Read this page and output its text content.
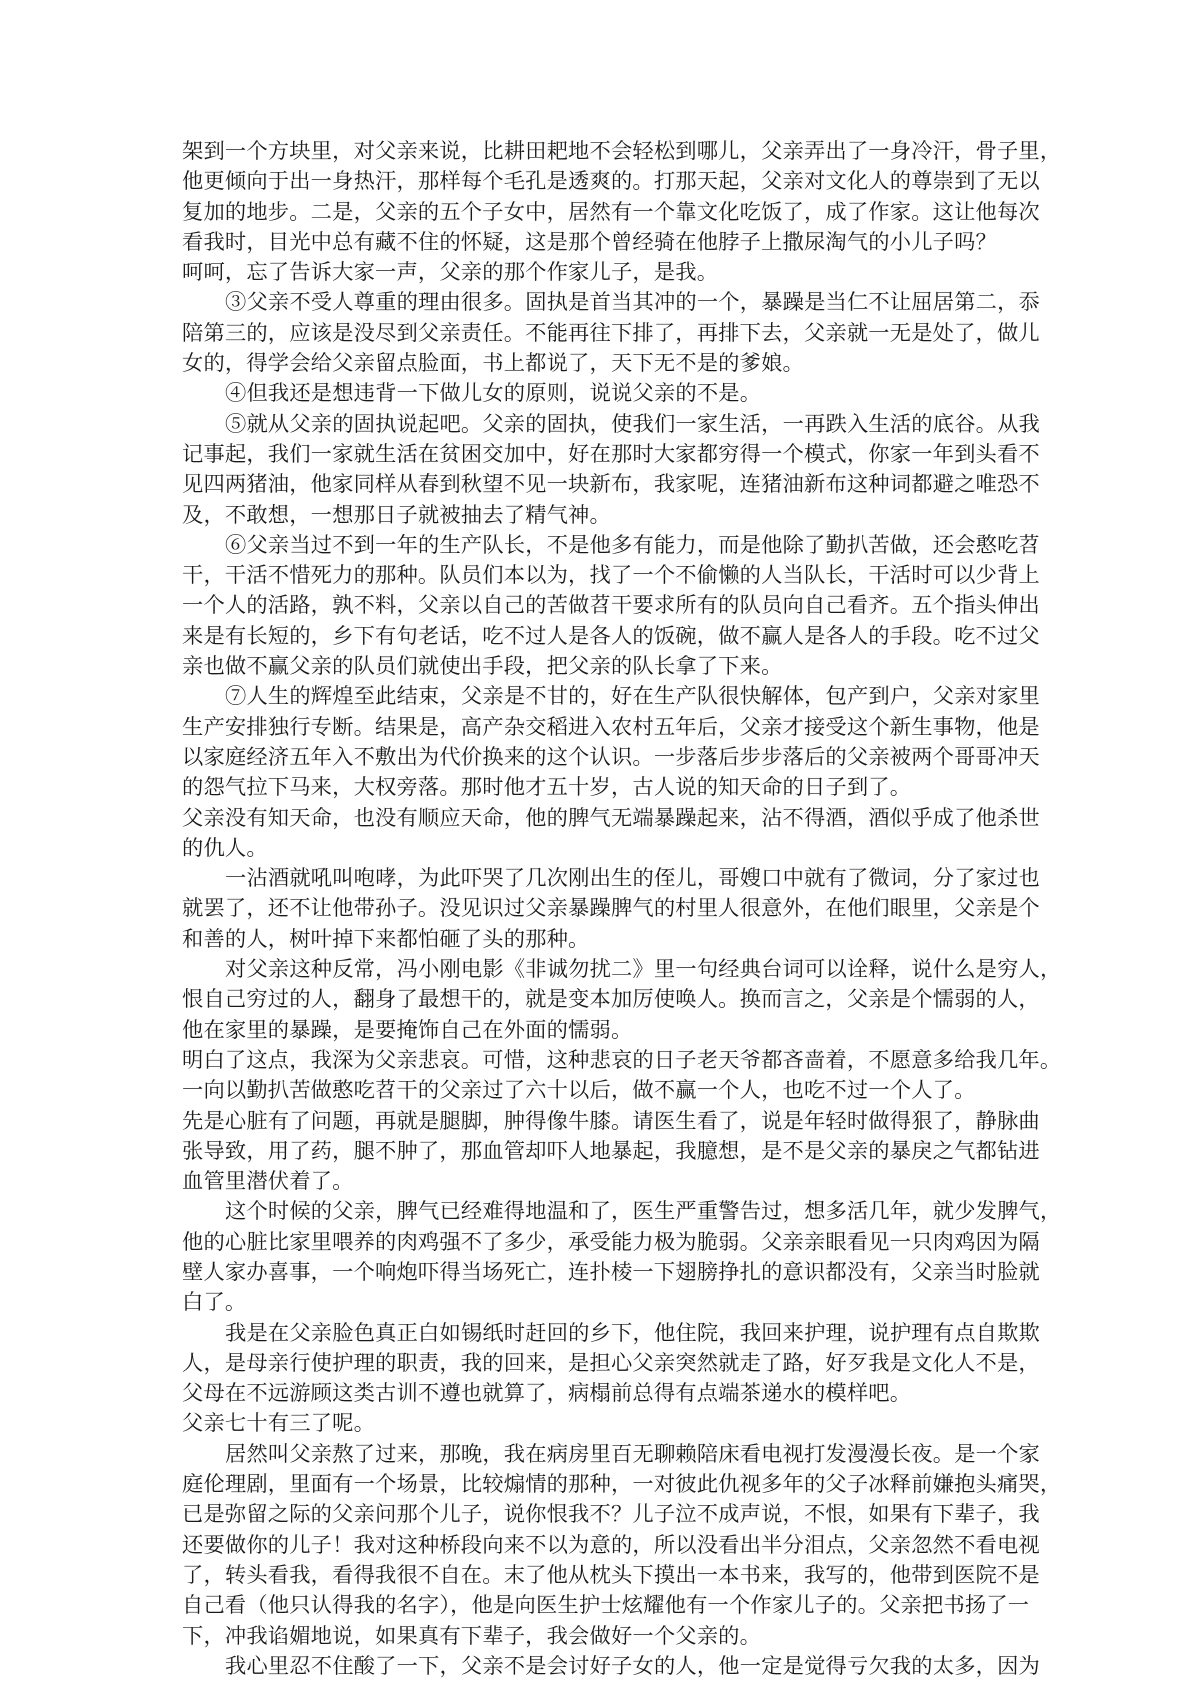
架到一个方块里，对父亲来说，比耕田耙地不会轻松到哪儿，父亲弄出了一身冷汗，骨子里，
他更倾向于出一身热汗，那样每个毛孔是透爽的。打那天起，父亲对文化人的尊崇到了无以
复加的地步。二是，父亲的五个子女中，居然有一个靠文化吃饭了，成了作家。这让他每次
看我时，目光中总有藏不住的怀疑，这是那个曾经骑在他脖子上撒尿淘气的小儿子吗？
呵呵，忘了告诉大家一声，父亲的那个作家儿子，是我。
③父亲不受人尊重的理由很多。固执是首当其冲的一个，暴躁是当仁不让屈居第二，忝
陪第三的，应该是没尽到父亲责任。不能再往下排了，再排下去，父亲就一无是处了，做儿
女的，得学会给父亲留点脸面，书上都说了，天下无不是的爹娘。
④但我还是想违背一下做儿女的原则，说说父亲的不是。
⑤就从父亲的固执说起吧。父亲的固执，使我们一家生活，一再跌入生活的底谷。从我
记事起，我们一家就生活在贫困交加中，好在那时大家都穷得一个模式，你家一年到头看不
见四两猪油，他家同样从春到秋望不见一块新布，我家呢，连猪油新布这种词都避之唯恐不
及，不敢想，一想那日子就被抽去了精气神。
⑥父亲当过不到一年的生产队长，不是他多有能力，而是他除了勤扒苦做，还会憨吃苕
干，干活不惜死力的那种。队员们本以为，找了一个不偷懒的人当队长，干活时可以少背上
一个人的活路，孰不料，父亲以自己的苦做苕干要求所有的队员向自己看齐。五个指头伸出
来是有长短的，乡下有句老话，吃不过人是各人的饭碗，做不赢人是各人的手段。吃不过父
亲也做不赢父亲的队员们就使出手段，把父亲的队长拿了下来。
⑦人生的辉煌至此结束，父亲是不甘的，好在生产队很快解体，包产到户，父亲对家里
生产安排独行专断。结果是，高产杂交稻进入农村五年后，父亲才接受这个新生事物，他是
以家庭经济五年入不敷出为代价换来的这个认识。一步落后步步落后的父亲被两个哥哥冲天
的怨气拉下马来，大权旁落。那时他才五十岁，古人说的知天命的日子到了。
父亲没有知天命，也没有顺应天命，他的脾气无端暴躁起来，沾不得酒，酒似乎成了他杀世
的仇人。
一沾酒就吼叫咆哮，为此吓哭了几次刚出生的侄儿，哥嫂口中就有了微词，分了家过也
就罢了，还不让他带孙子。没见识过父亲暴躁脾气的村里人很意外，在他们眼里，父亲是个
和善的人，树叶掉下来都怕砸了头的那种。
对父亲这种反常，冯小刚电影《非诚勿扰二》里一句经典台词可以诠释，说什么是穷人，
恨自己穷过的人，翻身了最想干的，就是变本加厉使唤人。换而言之，父亲是个懦弱的人，
他在家里的暴躁，是要掩饰自己在外面的懦弱。
明白了这点，我深为父亲悲哀。可惜，这种悲哀的日子老天爷都吝啬着，不愿意多给我几年。
一向以勤扒苦做憨吃苕干的父亲过了六十以后，做不赢一个人，也吃不过一个人了。
先是心脏有了问题，再就是腿脚，肿得像牛膝。请医生看了，说是年轻时做得狠了，静脉曲
张导致，用了药，腿不肿了，那血管却吓人地暴起，我臆想，是不是父亲的暴戾之气都钻进
血管里潜伏着了。
这个时候的父亲，脾气已经难得地温和了，医生严重警告过，想多活几年，就少发脾气，
他的心脏比家里喂养的肉鸡强不了多少，承受能力极为脆弱。父亲亲眼看见一只肉鸡因为隔
壁人家办喜事，一个响炮吓得当场死亡，连扑棱一下翅膀挣扎的意识都没有，父亲当时脸就
白了。
我是在父亲脸色真正白如锡纸时赶回的乡下，他住院，我回来护理，说护理有点自欺欺
人，是母亲行使护理的职责，我的回来，是担心父亲突然就走了路，好歹我是文化人不是，
父母在不远游顾这类古训不遵也就算了，病榻前总得有点端茶递水的模样吧。
父亲七十有三了呢。
居然叫父亲熬了过来，那晚，我在病房里百无聊赖陪床看电视打发漫漫长夜。是一个家
庭伦理剧，里面有一个场景，比较煽情的那种，一对彼此仇视多年的父子冰释前嫌抱头痛哭，
已是弥留之际的父亲问那个儿子，说你恨我不？儿子泣不成声说，不恨，如果有下辈子，我
还要做你的儿子！我对这种桥段向来不以为意的，所以没看出半分泪点，父亲忽然不看电视
了，转头看我，看得我很不自在。末了他从枕头下摸出一本书来，我写的，他带到医院不是
自己看（他只认得我的名字），他是向医生护士炫耀他有一个作家儿子的。父亲把书扬了一
下，冲我谄媚地说，如果真有下辈子，我会做好一个父亲的。
我心里忍不住酸了一下，父亲不是会讨好子女的人，他一定是觉得亏欠我的太多，因为
